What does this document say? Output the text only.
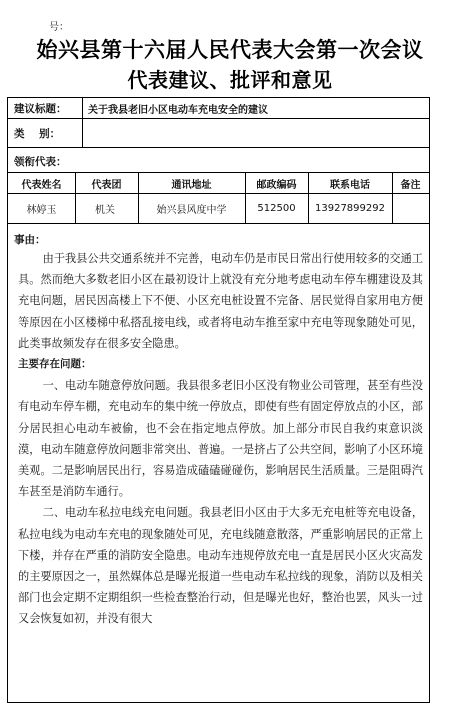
号：
始兴县第十六届人民代表大会第一次会议
代表建议、批评和意见
建议标题：	关于我县老旧小区电动车充电安全的建议
类    别：
领衔代表：
代表姓名	代表团	通讯地址	邮政编码	联系电话	备注
林婷玉	机关	始兴县风度中学	512500	13927899292
事由：

由于我县公共交通系统并不完善，电动车仍是市民日常出行使用较多的交通工具。然而绝大多数老旧小区在最初设计上就没有充分地考虑电动车停车棚建设及其充电问题，居民因高楼上下不便、小区充电桩设置不完备、居民觉得自家用电方便等原因在小区楼梯中私搭乱接电线，或者将电动车推至家中充电等现象随处可见，此类事故频发存在很多安全隐患。

主要存在问题：

一、电动车随意停放问题。我县很多老旧小区没有物业公司管理，甚至有些没有电动车停车棚，充电动车的集中统一停放点，即使有些有固定停放点的小区，部分居民担心电动车被偷，也不会在指定地点停放。加上部分市民自我约束意识淡漠，电动车随意停放问题非常突出、普遍。一是挤占了公共空间，影响了小区环境美观。二是影响居民出行，容易造成磕磕碰碰伤，影响居民生活质量。三是阻碍汽车甚至是消防车通行。

二、电动车私拉电线充电问题。我县老旧小区由于大多无充电桩等充电设备，私拉电线为电动车充电的现象随处可见，充电线随意散落，严重影响居民的正常上下楼，并存在严重的消防安全隐患。电动车违规停放充电一直是居民小区火灾高发的主要原因之一，虽然媒体总是曝光报道一些电动车私拉线的现象，消防以及相关部门也会定期不定期组织一些检查整治行动，但是曝光也好，整治也罢，风头一过又会恢复如初，并没有很大
